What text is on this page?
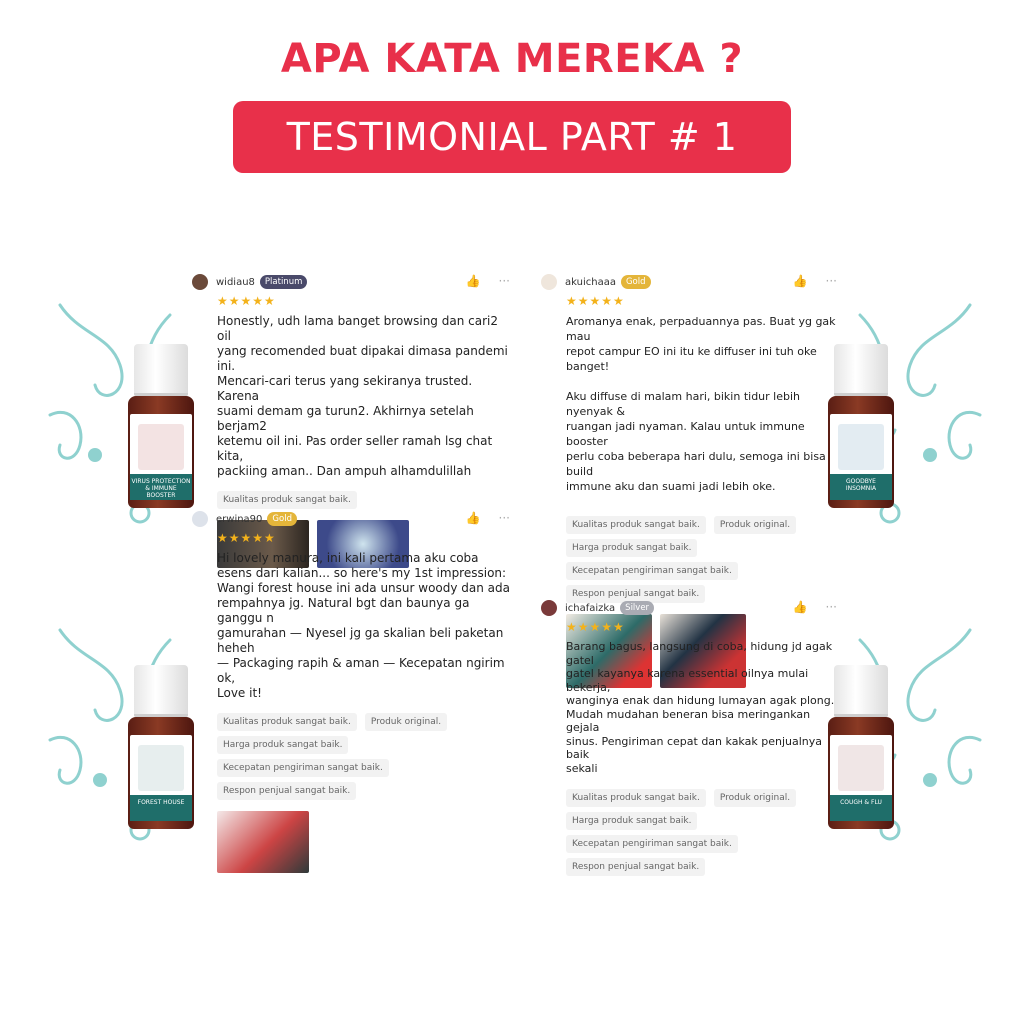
APA KATA MEREKA ?
TESTIMONIAL PART # 1
VIRUS PROTECTION & IMMUNE BOOSTER
FOREST HOUSE
GOODBYE INSOMNIA
COUGH & FLU
widiau8	Platinum	👍 ···
★★★★★
Honestly, udh lama banget browsing dan cari2 oil
yang recomended buat dipakai dimasa pandemi ini.
Mencari-cari terus yang sekiranya trusted. Karena
suami demam ga turun2. Akhirnya setelah berjam2
ketemu oil ini. Pas order seller ramah lsg chat kita,
packiing aman.. Dan ampuh alhamdulillah
Kualitas produk sangat baik.
erwina90	Gold	👍 ···
★★★★★
Hi lovely manura, ini kali pertama aku coba
esens dari kalian... so here's my 1st impression:
Wangi forest house ini ada unsur woody dan ada
rempahnya jg. Natural bgt dan baunya ga ganggu n
gamurahan — Nyesel jg ga skalian beli paketan heheh
— Packaging rapih & aman — Kecepatan ngirim ok,
Love it!
Kualitas produk sangat baik.	Produk original.
Harga produk sangat baik.
Kecepatan pengiriman sangat baik.
Respon penjual sangat baik.
akuichaaa	Gold	👍 ···
★★★★★
Aromanya enak, perpaduannya pas. Buat yg gak mau
repot campur EO ini itu ke diffuser ini tuh oke banget!

Aku diffuse di malam hari, bikin tidur lebih nyenyak &
ruangan jadi nyaman. Kalau untuk immune booster
perlu coba beberapa hari dulu, semoga ini bisa build
immune aku dan suami jadi lebih oke.
Kualitas produk sangat baik.	Produk original.
Harga produk sangat baik.
Kecepatan pengiriman sangat baik.
Respon penjual sangat baik.
ichafaizka	Silver	👍 ···
★★★★★
Barang bagus, langsung di coba, hidung jd agak gatel
gatel kayanya karena essential oilnya mulai bekerja,
wanginya enak dan hidung lumayan agak plong.
Mudah mudahan beneran bisa meringankan gejala
sinus. Pengiriman cepat dan kakak penjualnya baik
sekali
Kualitas produk sangat baik.	Produk original.
Harga produk sangat baik.
Kecepatan pengiriman sangat baik.
Respon penjual sangat baik.
